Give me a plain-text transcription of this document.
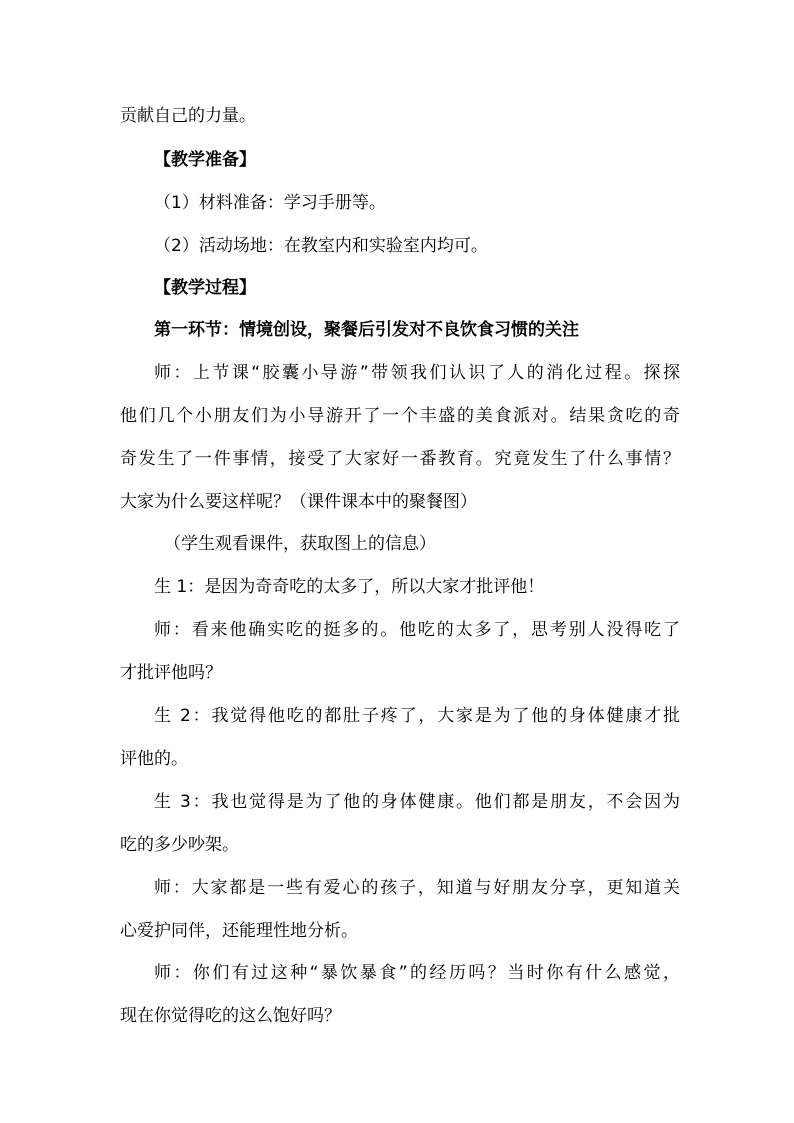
贡献自己的力量。

【教学准备】

（1）材料准备：学习手册等。

（2）活动场地：在教室内和实验室内均可。

【教学过程】

第一环节：情境创设，聚餐后引发对不良饮食习惯的关注

师：上节课“胶囊小导游”带领我们认识了人的消化过程。探探

他们几个小朋友们为小导游开了一个丰盛的美食派对。结果贪吃的奇

奇发生了一件事情，接受了大家好一番教育。究竟发生了什么事情？

大家为什么要这样呢？（课件课本中的聚餐图）

（学生观看课件，获取图上的信息）

生 1：是因为奇奇吃的太多了，所以大家才批评他！

师：看来他确实吃的挺多的。他吃的太多了，思考别人没得吃了

才批评他吗？

生 2：我觉得他吃的都肚子疼了，大家是为了他的身体健康才批

评他的。

生 3：我也觉得是为了他的身体健康。他们都是朋友，不会因为

吃的多少吵架。

师：大家都是一些有爱心的孩子，知道与好朋友分享，更知道关

心爱护同伴，还能理性地分析。

师：你们有过这种“暴饮暴食”的经历吗？当时你有什么感觉，

现在你觉得吃的这么饱好吗？
